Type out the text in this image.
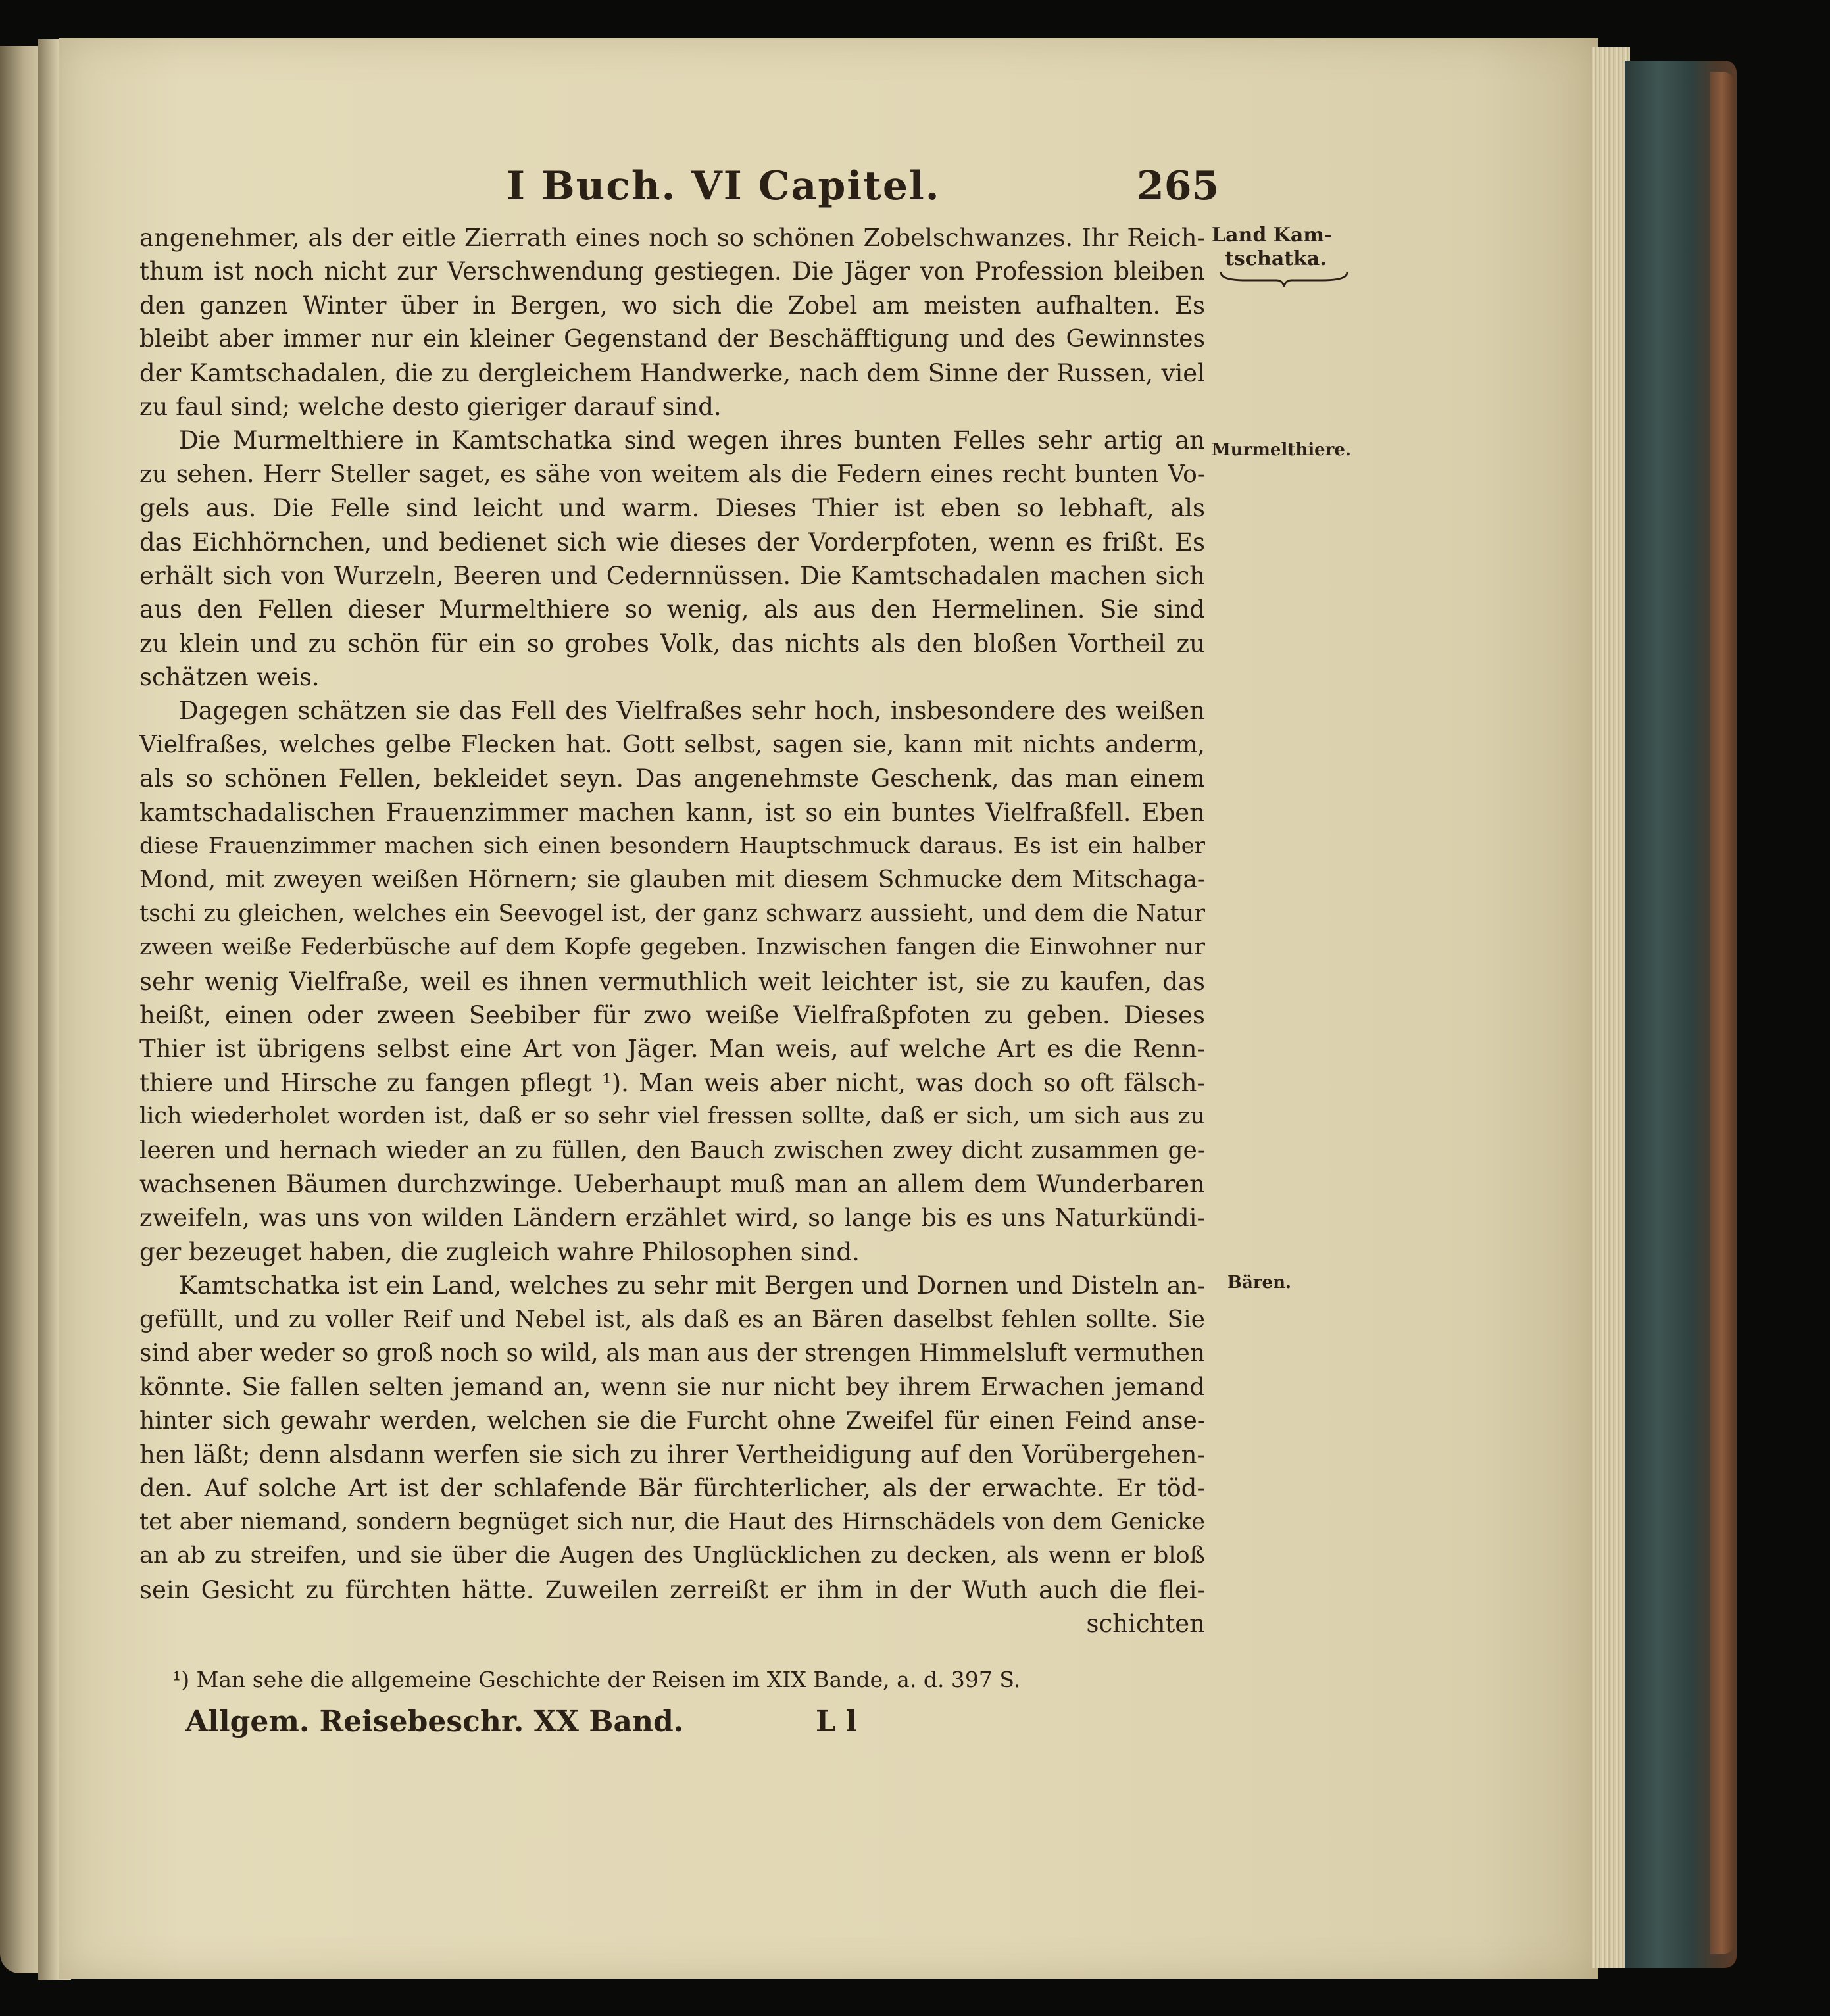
I Buch. VI Capitel.	265
Land Kam-
tschatka.
Murmelthiere.
Bären.
angenehmer, als der eitle Zierrath eines noch so schönen Zobelschwanzes. Ihr Reich-
thum ist noch nicht zur Verschwendung gestiegen. Die Jäger von Profession bleiben
den ganzen Winter über in Bergen, wo sich die Zobel am meisten aufhalten. Es
bleibt aber immer nur ein kleiner Gegenstand der Beschäfftigung und des Gewinnstes
der Kamtschadalen, die zu dergleichem Handwerke, nach dem Sinne der Russen, viel
zu faul sind; welche desto gieriger darauf sind.
Die Murmelthiere in Kamtschatka sind wegen ihres bunten Felles sehr artig an
zu sehen. Herr Steller saget, es sähe von weitem als die Federn eines recht bunten Vo-
gels aus. Die Felle sind leicht und warm. Dieses Thier ist eben so lebhaft, als
das Eichhörnchen, und bedienet sich wie dieses der Vorderpfoten, wenn es frißt. Es
erhält sich von Wurzeln, Beeren und Cedernnüssen. Die Kamtschadalen machen sich
aus den Fellen dieser Murmelthiere so wenig, als aus den Hermelinen. Sie sind
zu klein und zu schön für ein so grobes Volk, das nichts als den bloßen Vortheil zu
schätzen weis.
Dagegen schätzen sie das Fell des Vielfraßes sehr hoch, insbesondere des weißen
Vielfraßes, welches gelbe Flecken hat. Gott selbst, sagen sie, kann mit nichts anderm,
als so schönen Fellen, bekleidet seyn. Das angenehmste Geschenk, das man einem
kamtschadalischen Frauenzimmer machen kann, ist so ein buntes Vielfraßfell. Eben
diese Frauenzimmer machen sich einen besondern Hauptschmuck daraus. Es ist ein halber
Mond, mit zweyen weißen Hörnern; sie glauben mit diesem Schmucke dem Mitschaga-
tschi zu gleichen, welches ein Seevogel ist, der ganz schwarz aussieht, und dem die Natur
zween weiße Federbüsche auf dem Kopfe gegeben. Inzwischen fangen die Einwohner nur
sehr wenig Vielfraße, weil es ihnen vermuthlich weit leichter ist, sie zu kaufen, das
heißt, einen oder zween Seebiber für zwo weiße Vielfraßpfoten zu geben. Dieses
Thier ist übrigens selbst eine Art von Jäger. Man weis, auf welche Art es die Renn-
thiere und Hirsche zu fangen pflegt ¹). Man weis aber nicht, was doch so oft fälsch-
lich wiederholet worden ist, daß er so sehr viel fressen sollte, daß er sich, um sich aus zu
leeren und hernach wieder an zu füllen, den Bauch zwischen zwey dicht zusammen ge-
wachsenen Bäumen durchzwinge. Ueberhaupt muß man an allem dem Wunderbaren
zweifeln, was uns von wilden Ländern erzählet wird, so lange bis es uns Naturkündi-
ger bezeuget haben, die zugleich wahre Philosophen sind.
Kamtschatka ist ein Land, welches zu sehr mit Bergen und Dornen und Disteln an-
gefüllt, und zu voller Reif und Nebel ist, als daß es an Bären daselbst fehlen sollte. Sie
sind aber weder so groß noch so wild, als man aus der strengen Himmelsluft vermuthen
könnte. Sie fallen selten jemand an, wenn sie nur nicht bey ihrem Erwachen jemand
hinter sich gewahr werden, welchen sie die Furcht ohne Zweifel für einen Feind anse-
hen läßt; denn alsdann werfen sie sich zu ihrer Vertheidigung auf den Vorübergehen-
den. Auf solche Art ist der schlafende Bär fürchterlicher, als der erwachte. Er töd-
tet aber niemand, sondern begnüget sich nur, die Haut des Hirnschädels von dem Genicke
an ab zu streifen, und sie über die Augen des Unglücklichen zu decken, als wenn er bloß
sein Gesicht zu fürchten hätte. Zuweilen zerreißt er ihm in der Wuth auch die flei-
schichten
¹) Man sehe die allgemeine Geschichte der Reisen im XIX Bande, a. d. 397 S.
Allgem. Reisebeschr. XX Band.	L l
